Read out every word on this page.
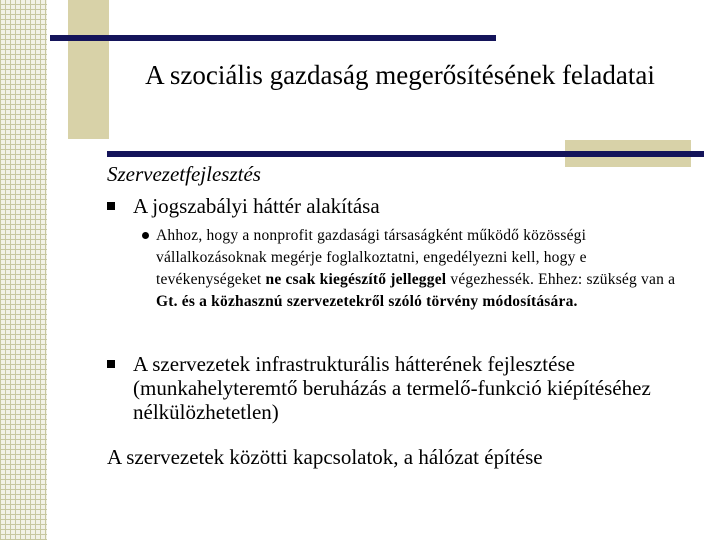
A szociális gazdaság megerősítésének feladatai
Szervezetfejlesztés
A jogszabályi háttér alakítása
Ahhoz, hogy a nonprofit gazdasági társaságként működő közösségi vállalkozásoknak megérje foglalkoztatni, engedélyezni kell, hogy e tevékenységeket ne csak kiegészítő jelleggel végezhessék. Ehhez: szükség van a Gt. és a közhasznú szervezetekről szóló törvény módosítására.
A szervezetek infrastrukturális hátterének fejlesztése (munkahelyteremtő beruházás a termelő-funkció kiépítéséhez nélkülözhetetlen)
A szervezetek közötti kapcsolatok, a hálózat építése
